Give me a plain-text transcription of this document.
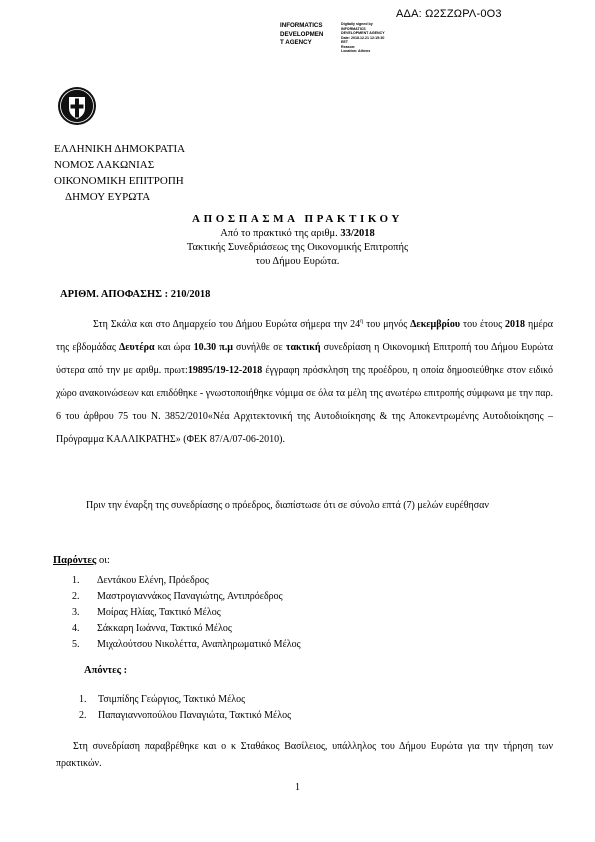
ΑΔΑ: Ω2ΣΖΩΡΛ-0Ο3
INFORMATICS
DEVELOPMEN
T AGENCY
Digitally signed by
INFORMATICS
DEVELOPMENT AGENCY
Date: 2018.12.21 12:15:30
EET
Reason:
Location: Athens
ΕΛΛΗΝΙΚΗ ΔΗΜΟΚΡΑΤΙΑ
ΝΟΜΟΣ ΛΑΚΩΝΙΑΣ
ΟΙΚΟΝΟΜΙΚΗ ΕΠΙΤΡΟΠΗ
ΔΗΜΟΥ ΕΥΡΩΤΑ
ΑΠΟΣΠΑΣΜΑ ΠΡΑΚΤΙΚΟΥ
Από το πρακτικό της αριθμ. 33/2018
Τακτικής Συνεδριάσεως της Οικονομικής Επιτροπής
του Δήμου Ευρώτα.
ΑΡΙΘΜ. ΑΠΟΦΑΣΗΣ : 210/2018
Στη Σκάλα και στο Δημαρχείο του Δήμου Ευρώτα σήμερα την $24^\eta$ του μηνός Δεκεμβρίου του έτους 2018 ημέρα της εβδομάδας Δευτέρα και ώρα 10.30 π.μ συνήλθε σε τακτική συνεδρίαση η Οικονομική Επιτροπή του Δήμου Ευρώτα ύστερα από την με αριθμ. πρωτ:19895/19-12-2018 έγγραφη πρόσκληση της προέδρου, η οποία δημοσιεύθηκε στον ειδικό χώρο ανακοινώσεων και επιδόθηκε - γνωστοποιήθηκε νόμιμα σε όλα τα μέλη της ανωτέρω επιτροπής σύμφωνα με την παρ. 6 του άρθρου 75 του Ν. 3852/2010«Νέα Αρχιτεκτονική της Αυτοδιοίκησης & της Αποκεντρωμένης Αυτοδιοίκησης – Πρόγραμμα ΚΑΛΛΙΚΡΑΤΗΣ» (ΦΕΚ 87/Α/07-06-2010).
Πριν την έναρξη της συνεδρίασης ο πρόεδρος, διαπίστωσε ότι σε σύνολο επτά (7) μελών ευρέθησαν
Παρόντες οι:
1. Δεντάκου Ελένη, Πρόεδρος
2. Μαστρογιαννάκος Παναγιώτης, Αντιπρόεδρος
3. Μοίρας Ηλίας, Τακτικό Μέλος
4. Σάκκαρη Ιωάννα, Τακτικό Μέλος
5. Μιχαλούτσου Νικολέττα, Αναπληρωματικό Μέλος
Απόντες :
1. Τσιμπίδης Γεώργιος, Τακτικό Μέλος
2. Παπαγιαννοπούλου Παναγιώτα, Τακτικό Μέλος
Στη συνεδρίαση παραβρέθηκε και ο κ Σταθάκος Βασίλειος, υπάλληλος του Δήμου Ευρώτα για την τήρηση των πρακτικών.
1
